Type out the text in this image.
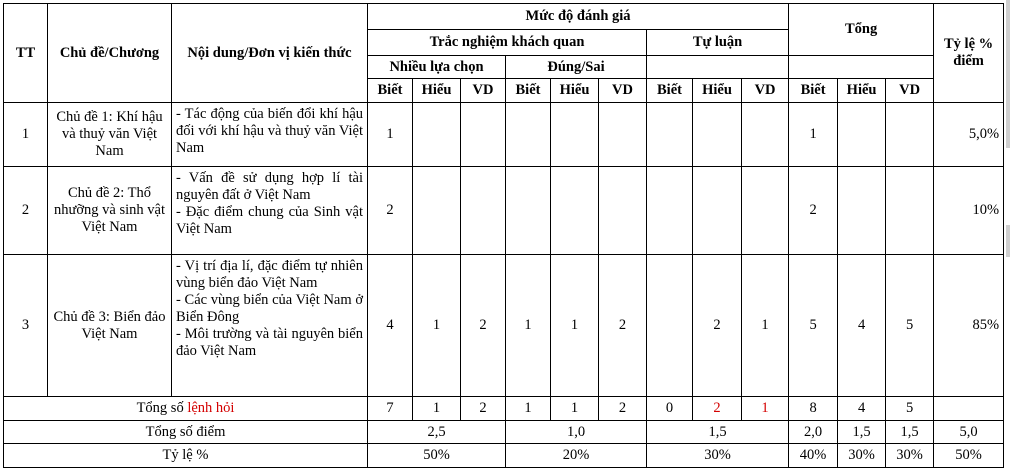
TT	Chủ đề/Chương	Nội dung/Đơn vị kiến thức	Mức độ đánh giá									Tổng			Tỷ lệ % điểm
			Trắc nghiệm khách quan						Tự luận						
			Nhiều lựa chọn			Đúng/Sai									
			Biết	Hiểu	VD	Biết	Hiểu	VD	Biết	Hiểu	VD	Biết	Hiểu	VD	
1	Chủ đề 1: Khí hậu và thuỷ văn Việt Nam	- Tác động của biến đổi khí hậu đối với khí hậu và thuỷ văn Việt Nam	1									1			5,0%
2	Chủ đề 2: Thổ nhưỡng và sinh vật Việt Nam	- Vấn đề sử dụng hợp lí tài nguyên đất ở Việt Nam
- Đặc điểm chung của Sinh vật Việt Nam	2									2			10%
3	Chủ đề 3: Biển đảo Việt Nam	- Vị trí địa lí, đặc điểm tự nhiên vùng biển đảo Việt Nam
- Các vùng biển của Việt Nam ở Biển Đông
- Môi trường và tài nguyên biển đảo Việt Nam	4	1	2	1	1	2		2	1	5	4	5	85%
Tổng số lệnh hỏi			7	1	2	1	1	2	0	2	1	8	4	5	
Tổng số điểm			2,5			1,0			1,5			2,0	1,5	1,5	5,0
Tỷ lệ %			50%			20%			30%			40%	30%	30%	50%
